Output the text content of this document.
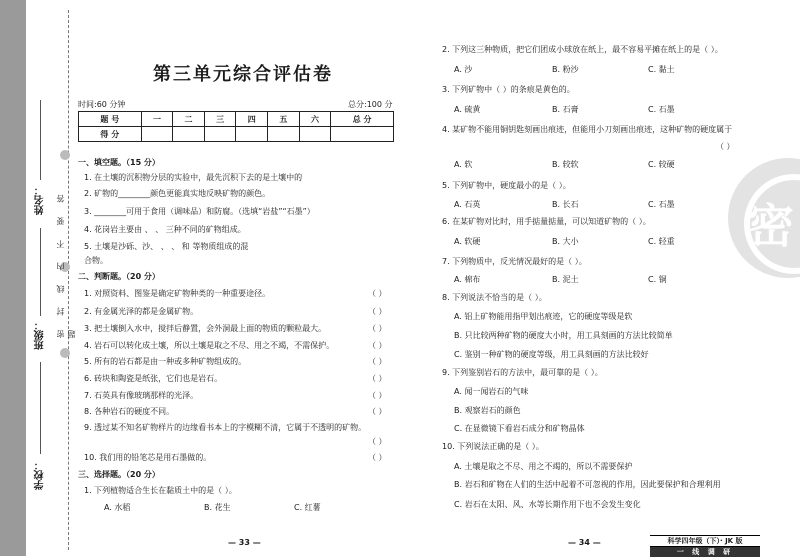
姓名：
班级：
学校：
密 封 线 内 不 要 答 题
第三单元综合评估卷
时间:60 分钟	总分:100 分
题 号	一	二	三	四	五	六	总 分
得 分							
一、填空题。（15 分）
1. 在土壤的沉积物分层的实验中，最先沉积下去的是土壤中的
2. 矿物的________颜色更能真实地反映矿物的颜色。
3. ________可用于食用（调味品）和防腐。（选填“岩盐”“石墨”）
4. 花岗岩主要由 、 、 三种不同的矿物组成。
5. 土壤是沙砾、沙、 、 、 和 等物质组成的混
合物。
二、判断题。（20 分）
1. 对照资料、图鉴是确定矿物种类的一种重要途径。	（ ）
2. 有金属光泽的都是金属矿物。	（ ）
3. 把土壤倒入水中，搅拌后静置，会外洞最上面的物质的颗粒最大。	（ ）
4. 岩石可以转化成土壤，所以土壤是取之不尽、用之不竭，不需保护。	（ ）
5. 所有的岩石都是由一种或多种矿物组成的。	（ ）
6. 砖块和陶瓷是纸张，它们也是岩石。	（ ）
7. 石英具有像玻璃那样的光泽。	（ ）
8. 各种岩石的硬度不同。	（ ）
9. 透过某不知名矿物样片的边缘看书本上的字模糊不清，它属于不透明的矿物。
（ ）
10. 我们用的铅笔芯是用石墨做的。	（ ）
三、选择题。（20 分）
1. 下列植物适合生长在黏质土中的是（ ）。
A. 水稻	B. 花生	C. 红薯
— 33 —
2. 下列这三种物质，把它们团成小球放在纸上，最不容易平摊在纸上的是（ ）。
A. 沙	B. 粉沙	C. 黏土
3. 下列矿物中（ ）的条痕是黄色的。
A. 硫黄	B. 石膏	C. 石墨
4. 某矿物不能用铜钥匙刻画出痕迹，但能用小刀刻画出痕迹，这种矿物的硬度属于
（ ）
A. 软	B. 较软	C. 较硬
5. 下列矿物中，硬度最小的是（ ）。
A. 石英	B. 长石	C. 石墨
6. 在某矿物对比时，用手掂量掂量，可以知道矿物的（ ）。
A. 软硬	B. 大小	C. 轻重
7. 下列物质中，反光情况最好的是（ ）。
A. 棉布	B. 泥土	C. 铜
8. 下列说法不恰当的是（ ）。
A. 铝上矿物能用指甲划出痕迹，它的硬度等级是软
B. 只比较两种矿物的硬度大小时，用工具刻画的方法比较简单
C. 鉴别一种矿物的硬度等级，用工具刻画的方法比较好
9. 下列鉴别岩石的方法中，最可靠的是（ ）。
A. 闻一闻岩石的气味
B. 观察岩石的颜色
C. 在显微镜下看岩石成分和矿物晶体
10. 下列说法正确的是（ ）。
A. 土壤是取之不尽、用之不竭的，所以不需要保护
B. 岩石和矿物在人们的生活中起着不可忽视的作用，因此要保护和合理利用
C. 岩石在太阳、风、水等长期作用下也不会发生变化
— 34 —
密
科学四年级（下）· JK 版
一 线 调 研
